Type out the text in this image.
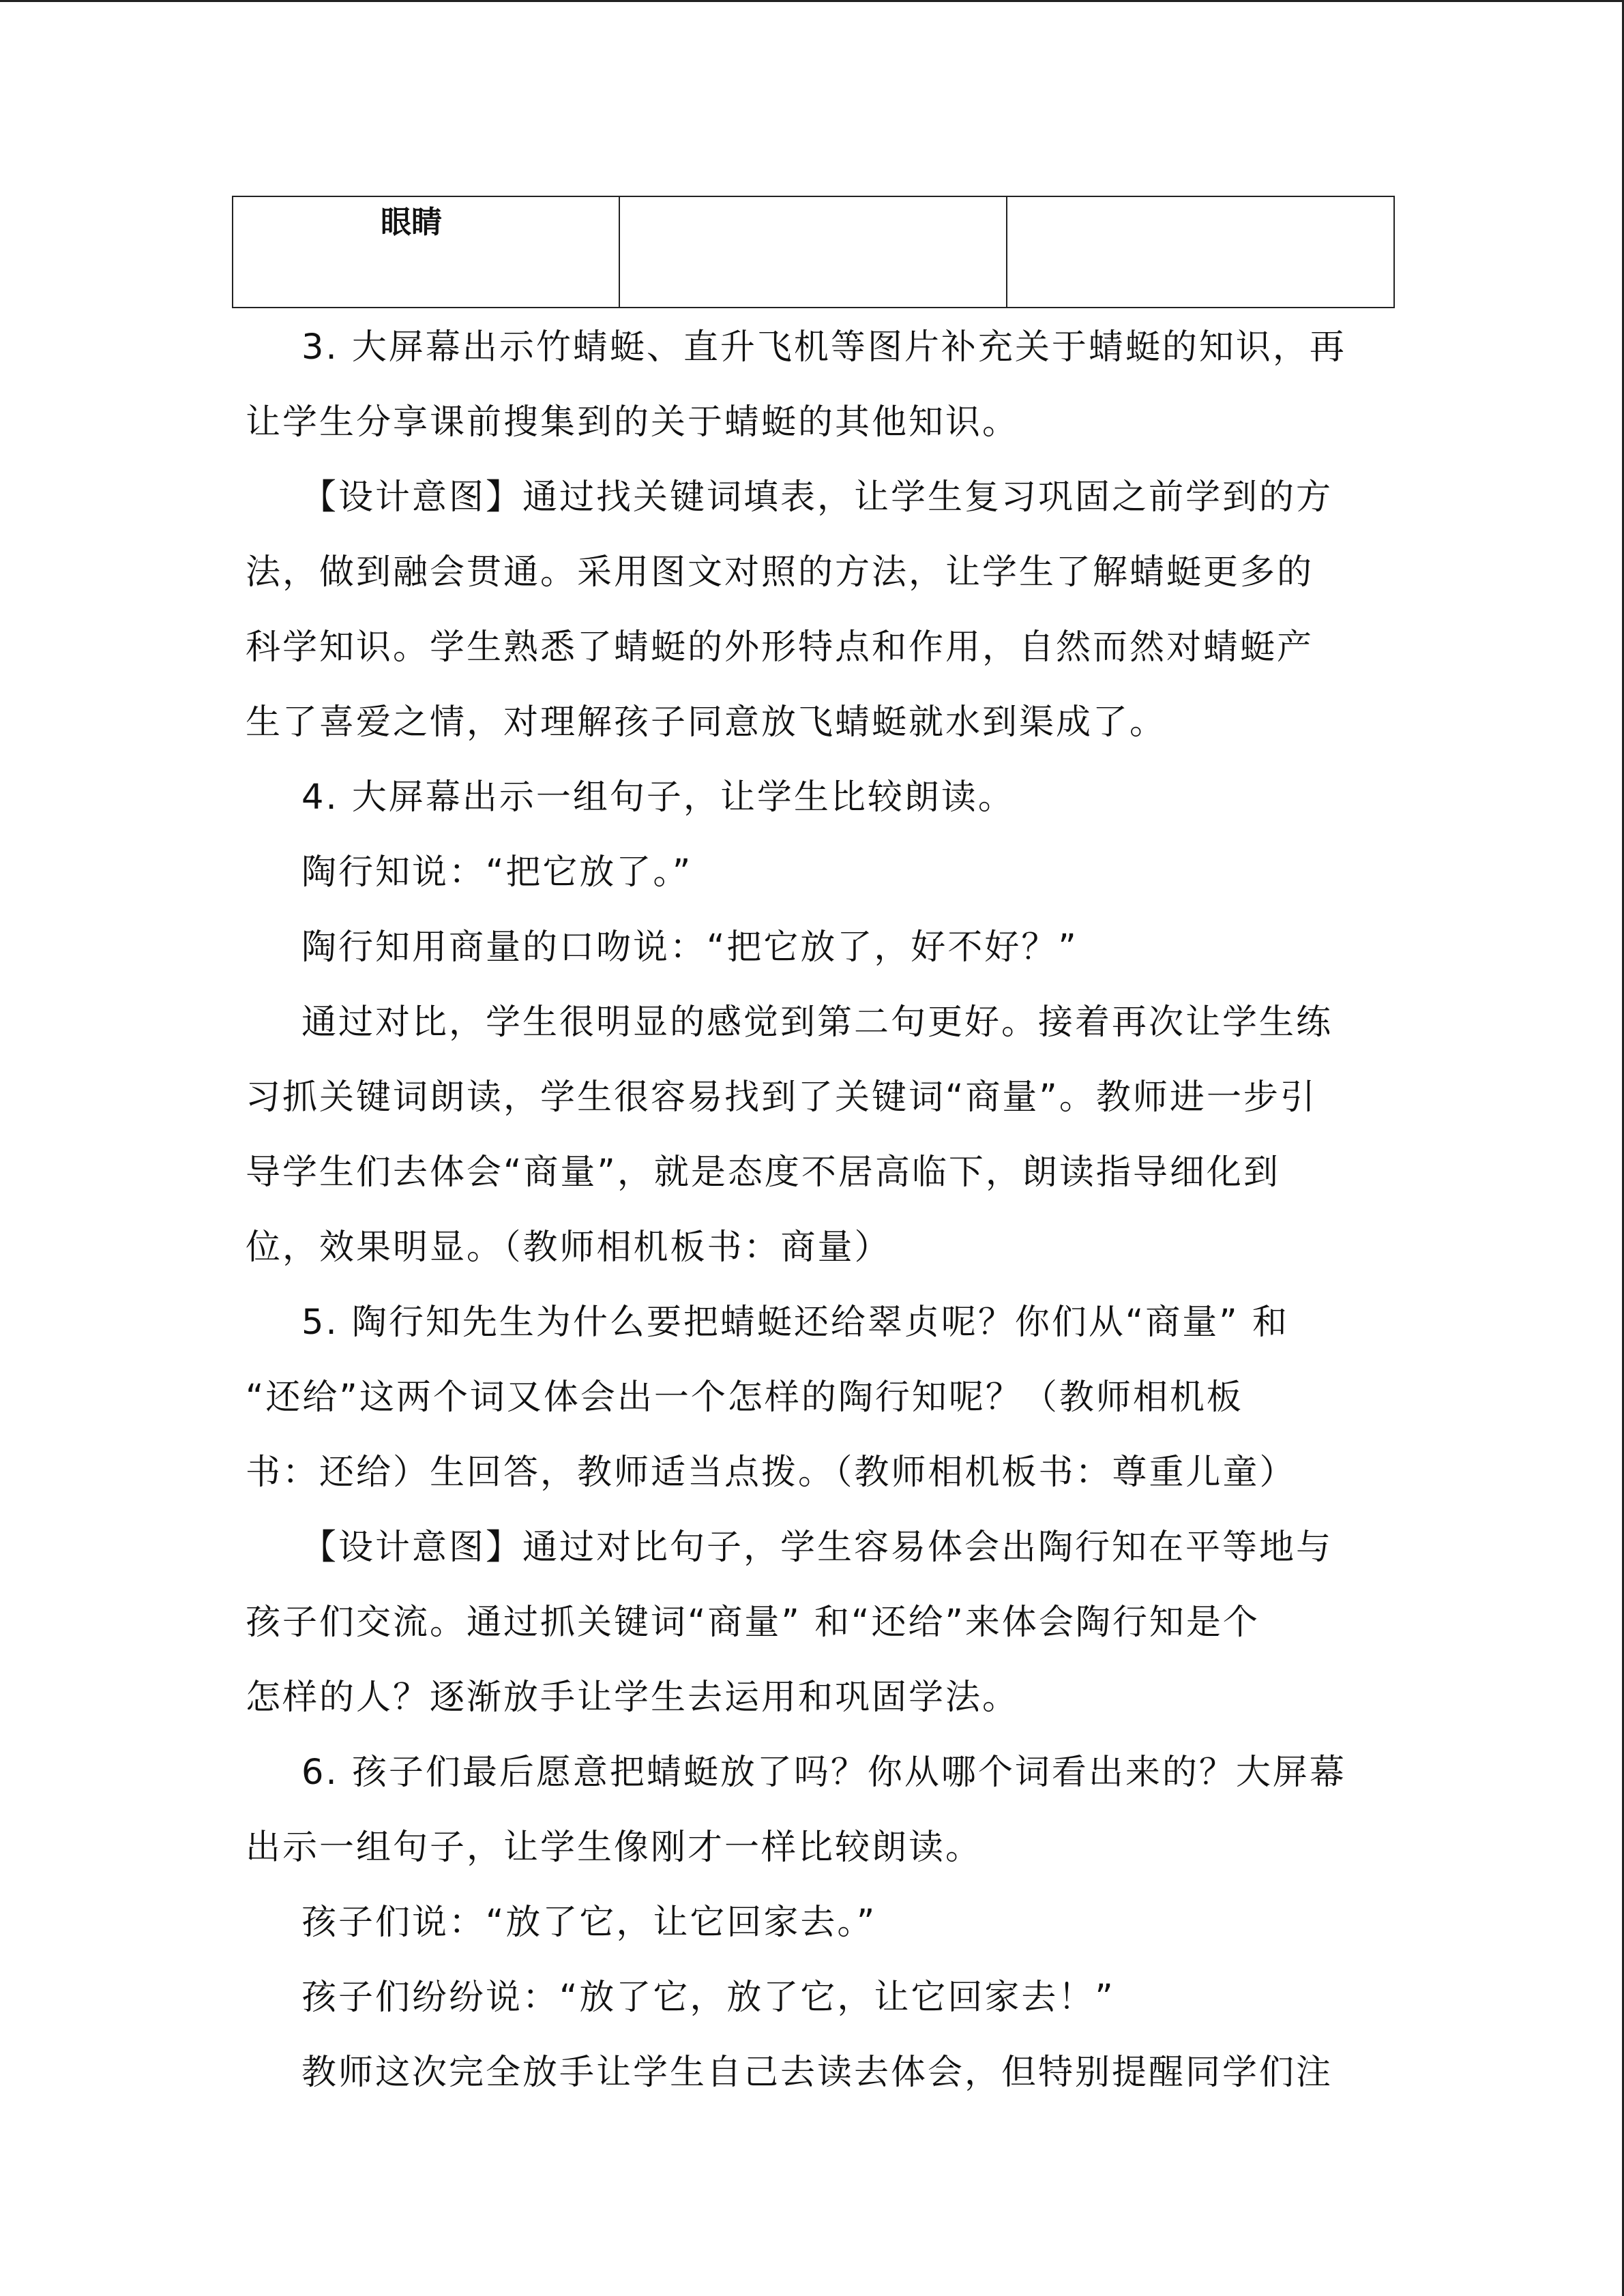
眼睛

3. 大屏幕出示竹蜻蜓、直升飞机等图片补充关于蜻蜓的知识，再

让学生分享课前搜集到的关于蜻蜓的其他知识。

【设计意图】通过找关键词填表，让学生复习巩固之前学到的方

法，做到融会贯通。采用图文对照的方法，让学生了解蜻蜓更多的

科学知识。学生熟悉了蜻蜓的外形特点和作用，自然而然对蜻蜓产

生了喜爱之情，对理解孩子同意放飞蜻蜓就水到渠成了。

4. 大屏幕出示一组句子，让学生比较朗读。

陶行知说：“把它放了。”

陶行知用商量的口吻说：“把它放了，好不好？”

通过对比，学生很明显的感觉到第二句更好。接着再次让学生练

习抓关键词朗读，学生很容易找到了关键词“商量”。教师进一步引

导学生们去体会“商量”，就是态度不居高临下，朗读指导细化到

位，效果明显。（教师相机板书：商量）

5. 陶行知先生为什么要把蜻蜓还给翠贞呢？你们从“商量” 和

“还给”这两个词又体会出一个怎样的陶行知呢？（教师相机板

书：还给）生回答，教师适当点拨。（教师相机板书：尊重儿童）

【设计意图】通过对比句子，学生容易体会出陶行知在平等地与

孩子们交流。通过抓关键词“商量” 和“还给”来体会陶行知是个

怎样的人？逐渐放手让学生去运用和巩固学法。

6. 孩子们最后愿意把蜻蜓放了吗？你从哪个词看出来的？大屏幕

出示一组句子，让学生像刚才一样比较朗读。

孩子们说：“放了它，让它回家去。”

孩子们纷纷说：“放了它，放了它，让它回家去！”

教师这次完全放手让学生自己去读去体会，但特别提醒同学们注
